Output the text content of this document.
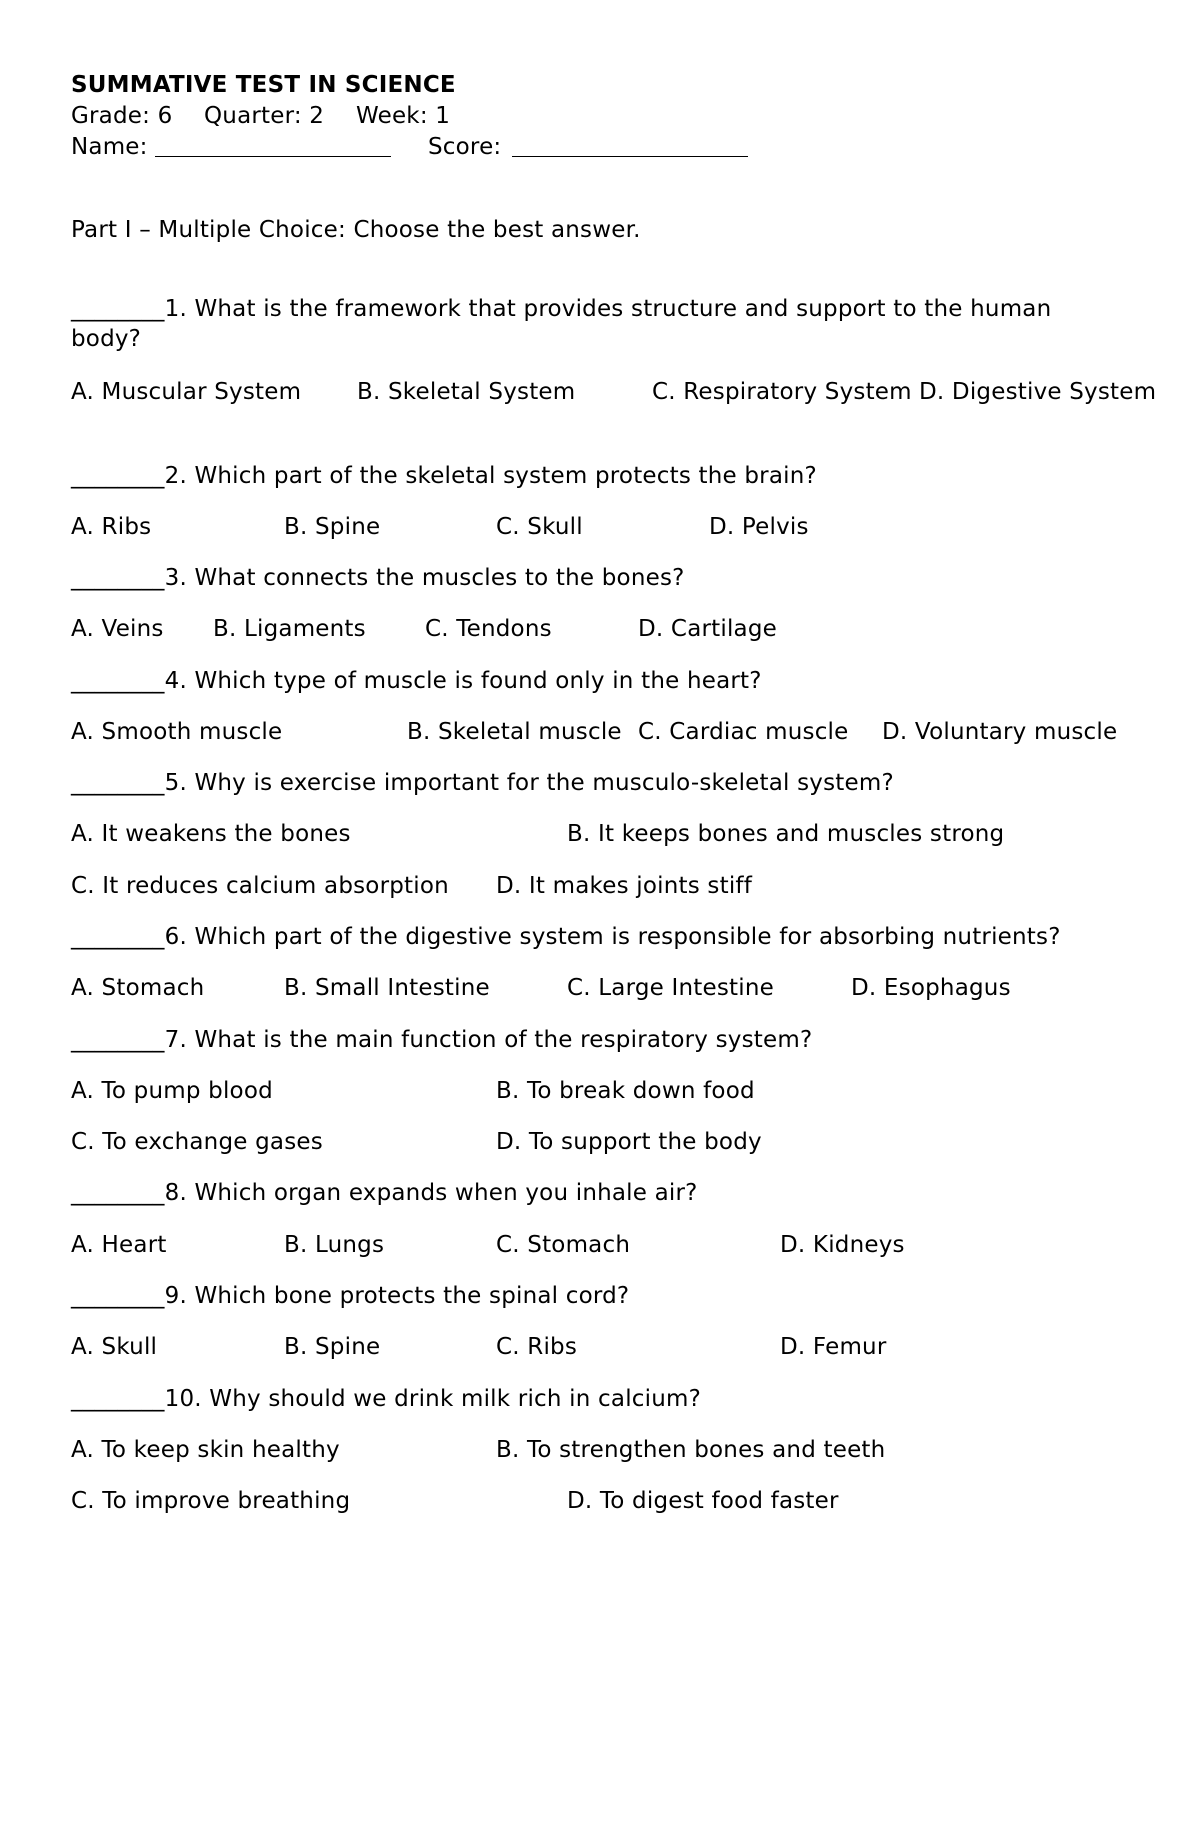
SUMMATIVE TEST IN SCIENCE
Grade: 6 Quarter: 2 Week: 1
Name:	Score:
Part I – Multiple Choice: Choose the best answer.
________1. What is the framework that provides structure and support to the human body?
A. Muscular System B. Skeletal System	C. Respiratory System D. Digestive System
________2. Which part of the skeletal system protects the brain?
A. Ribs	B. Spine	C. Skull	D. Pelvis
________3. What connects the muscles to the bones?
A. Veins B. Ligaments	C. Tendons	D. Cartilage
________4. Which type of muscle is found only in the heart?
A. Smooth muscle	B. Skeletal muscle C. Cardiac muscle D. Voluntary muscle
________5. Why is exercise important for the musculo-skeletal system?
A. It weakens the bones	B. It keeps bones and muscles strong
C. It reduces calcium absorption D. It makes joints stiff
________6. Which part of the digestive system is responsible for absorbing nutrients?
A. Stomach	B. Small Intestine	C. Large Intestine	D. Esophagus
________7. What is the main function of the respiratory system?
A. To pump blood	B. To break down food
C. To exchange gases	D. To support the body
________8. Which organ expands when you inhale air?
A. Heart	B. Lungs	C. Stomach	D. Kidneys
________9. Which bone protects the spinal cord?
A. Skull	B. Spine	C. Ribs	D. Femur
________10. Why should we drink milk rich in calcium?
A. To keep skin healthy	B. To strengthen bones and teeth
C. To improve breathing	D. To digest food faster
